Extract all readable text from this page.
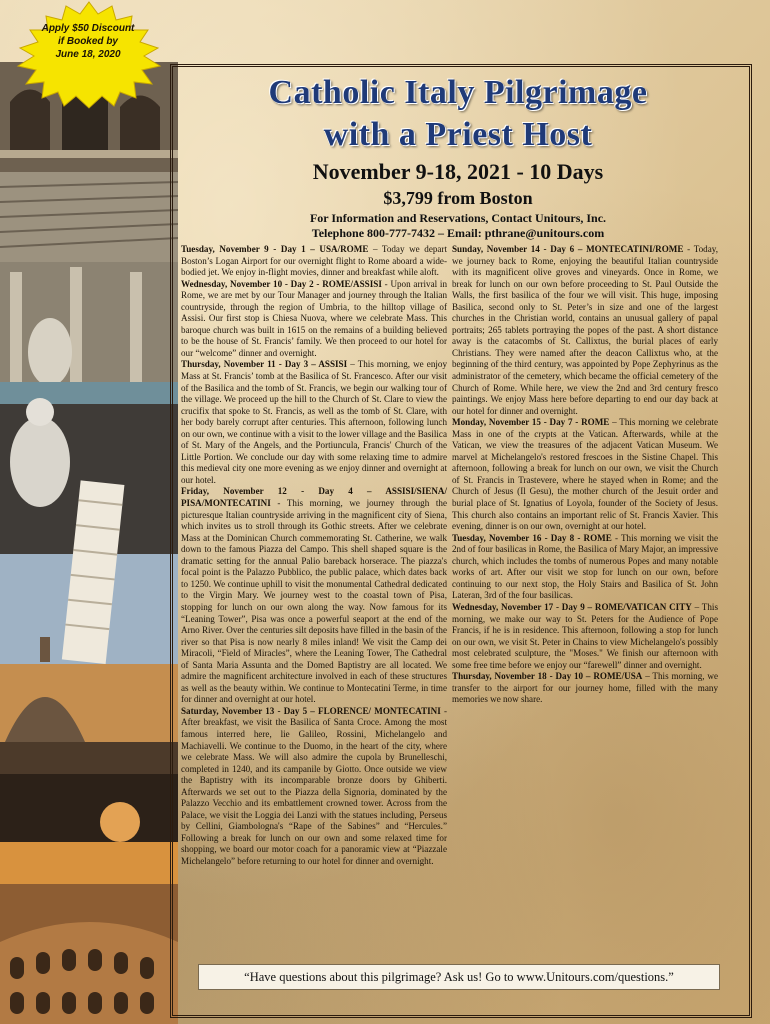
Apply $50 Discount
if Booked by
June 18, 2020
Catholic Italy Pilgrimage
with a Priest Host
November 9-18, 2021 - 10 Days
$3,799 from Boston
For Information and Reservations, Contact Unitours, Inc.
Telephone 800-777-7432 – Email: pthrane@unitours.com

Tuesday, November 9 - Day 1 – USA/ROME – Today we depart Boston’s Logan Airport for our overnight flight to Rome aboard a wide-bodied jet. We enjoy in-flight movies, dinner and breakfast while aloft.

Wednesday, November 10 - Day 2 - ROME/ASSISI - Upon arrival in Rome, we are met by our Tour Manager and journey through the Italian countryside, through the region of Umbria, to the hilltop village of Assisi. Our first stop is Chiesa Nuova, where we celebrate Mass. This baroque church was built in 1615 on the remains of a building believed to be the house of St. Francis’ family. We then proceed to our hotel for our “welcome” dinner and overnight.

Thursday, November 11 - Day 3 – ASSISI – This morning, we enjoy Mass at St. Francis’ tomb at the Basilica of St. Francesco. After our visit of the Basilica and the tomb of St. Francis, we begin our walking tour of the village. We proceed up the hill to the Church of St. Clare to view the crucifix that spoke to St. Francis, as well as the tomb of St. Clare, with her body barely corrupt after centuries. This afternoon, following lunch on our own, we continue with a visit to the lower village and the Basilica of St. Mary of the Angels, and the Portiuncula, Francis' Church of the Little Portion. We conclude our day with some relaxing time to admire this medieval city one more evening as we enjoy dinner and overnight at our hotel.

Friday, November 12 - Day 4 – ASSISI/SIENA/ PISA/MONTECATINI - This morning, we journey through the picturesque Italian countryside arriving in the magnificent city of Siena, which invites us to stroll through its Gothic streets. After we celebrate Mass at the Dominican Church commemorating St. Catherine, we walk down to the famous Piazza del Campo. This shell shaped square is the dramatic setting for the annual Palio bareback horserace. The piazza's focal point is the Palazzo Pubblico, the public palace, which dates back to 1250. We continue uphill to visit the monumental Cathedral dedicated to the Virgin Mary. We journey west to the coastal town of Pisa, stopping for lunch on our own along the way. Now famous for its “Leaning Tower”, Pisa was once a powerful seaport at the end of the Arno River. Over the centuries silt deposits have filled in the basin of the river so that Pisa is now nearly 8 miles inland! We visit the Camp dei Miracoli, “Field of Miracles”, where the Leaning Tower, The Cathedral of Santa Maria Assunta and the Domed Baptistry are all located. We admire the magnificent architecture involved in each of these structures as well as the beauty within. We continue to Montecatini Terme, in time for dinner and overnight at our hotel.

Saturday, November 13 - Day 5 – FLORENCE/ MONTECATINI - After breakfast, we visit the Basilica of Santa Croce. Among the most famous interred here, lie Galileo, Rossini, Michelangelo and Machiavelli. We continue to the Duomo, in the heart of the city, where we celebrate Mass. We will also admire the cupola by Brunelleschi, completed in 1240, and its campanile by Giotto. Once outside we view the Baptistry with its incomparable bronze doors by Ghiberti. Afterwards we set out to the Piazza della Signoria, dominated by the Palazzo Vecchio and its embattlement crowned tower. Across from the Palace, we visit the Loggia dei Lanzi with the statues including, Perseus by Cellini, Giambologna's “Rape of the Sabines” and “Hercules.” Following a break for lunch on our own and some relaxed time for shopping, we board our motor coach for a panoramic view at “Piazzale Michelangelo” before returning to our hotel for dinner and overnight.

Sunday, November 14 - Day 6 – MONTECATINI/ROME - Today, we journey back to Rome, enjoying the beautiful Italian countryside with its magnificent olive groves and vineyards. Once in Rome, we break for lunch on our own before proceeding to St. Paul Outside the Walls, the first basilica of the four we will visit. This huge, imposing Basilica, second only to St. Peter’s in size and one of the largest churches in the Christian world, contains an unusual gallery of papal portraits; 265 tablets portraying the popes of the past. A short distance away is the catacombs of St. Callixtus, the burial places of early Christians. They were named after the deacon Callixtus who, at the beginning of the third century, was appointed by Pope Zephyrinus as the administrator of the cemetery, which became the official cemetery of the Church of Rome. While here, we view the 2nd and 3rd century fresco paintings. We enjoy Mass here before departing to end our day back at our hotel for dinner and overnight.

Monday, November 15 - Day 7 - ROME – This morning we celebrate Mass in one of the crypts at the Vatican. Afterwards, while at the Vatican, we view the treasures of the adjacent Vatican Museum. We marvel at Michelangelo's restored frescoes in the Sistine Chapel. This afternoon, following a break for lunch on our own, we visit the Church of St. Francis in Trastevere, where he stayed when in Rome; and the Church of Jesus (Il Gesu), the mother church of the Jesuit order and burial place of St. Ignatius of Loyola, founder of the Society of Jesus. This church also contains an important relic of St. Francis Xavier. This evening, dinner is on our own, overnight at our hotel.

Tuesday, November 16 - Day 8 - ROME - This morning we visit the 2nd of four basilicas in Rome, the Basilica of Mary Major, an impressive church, which includes the tombs of numerous Popes and many notable works of art. After our visit we stop for lunch on our own, before continuing to our next stop, the Holy Stairs and Basilica of St. John Lateran, 3rd of the four basilicas.

Wednesday, November 17 - Day 9 – ROME/VATICAN CITY – This morning, we make our way to St. Peters for the Audience of Pope Francis, if he is in residence. This afternoon, following a stop for lunch on our own, we visit St. Peter in Chains to view Michelangelo's possibly most celebrated sculpture, the "Moses." We finish our afternoon with some free time before we enjoy our “farewell” dinner and overnight.

Thursday, November 18 - Day 10 – ROME/USA – This morning, we transfer to the airport for our journey home, filled with the many memories we now share.

“Have questions about this pilgrimage? Ask us! Go to www.Unitours.com/questions.”
